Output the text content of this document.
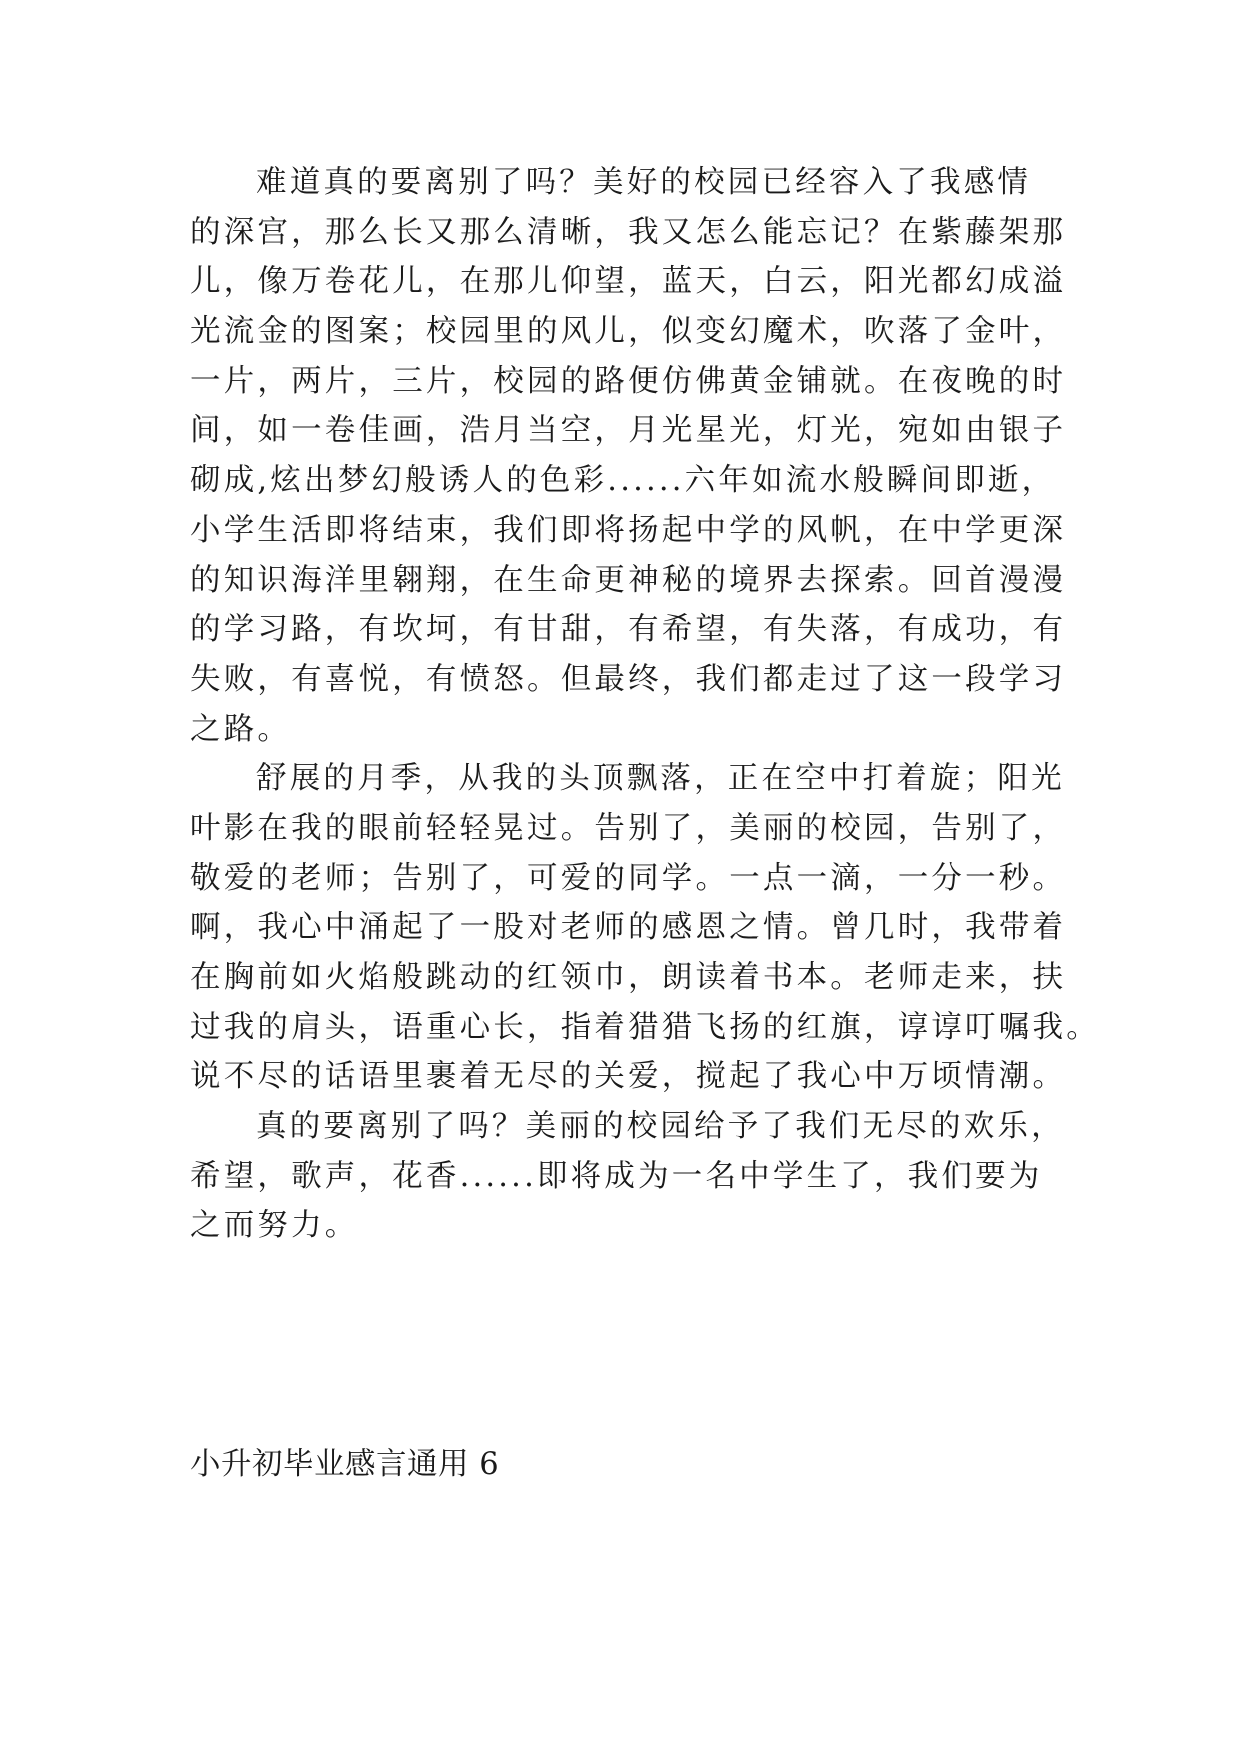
难道真的要离别了吗？美好的校园已经容入了我感情
的深宫，那么长又那么清晰，我又怎么能忘记？在紫藤架那
儿，像万卷花儿，在那儿仰望，蓝天，白云，阳光都幻成溢
光流金的图案；校园里的风儿，似变幻魔术，吹落了金叶，
一片，两片，三片，校园的路便仿佛黄金铺就。在夜晚的时
间，如一卷佳画，浩月当空，月光星光，灯光，宛如由银子
砌成,炫出梦幻般诱人的色彩......六年如流水般瞬间即逝，
小学生活即将结束，我们即将扬起中学的风帆，在中学更深
的知识海洋里翱翔，在生命更神秘的境界去探索。回首漫漫
的学习路，有坎坷，有甘甜，有希望，有失落，有成功，有
失败，有喜悦，有愤怒。但最终，我们都走过了这一段学习
之路。
舒展的月季，从我的头顶飘落，正在空中打着旋；阳光
叶影在我的眼前轻轻晃过。告别了，美丽的校园，告别了，
敬爱的老师；告别了，可爱的同学。一点一滴，一分一秒。
啊，我心中涌起了一股对老师的感恩之情。曾几时，我带着
在胸前如火焰般跳动的红领巾，朗读着书本。老师走来，扶
过我的肩头，语重心长，指着猎猎飞扬的红旗，谆谆叮嘱我。
说不尽的话语里裹着无尽的关爱，搅起了我心中万顷情潮。
真的要离别了吗？美丽的校园给予了我们无尽的欢乐，
希望，歌声，花香......即将成为一名中学生了，我们要为
之而努力。
小升初毕业感言通用 6
